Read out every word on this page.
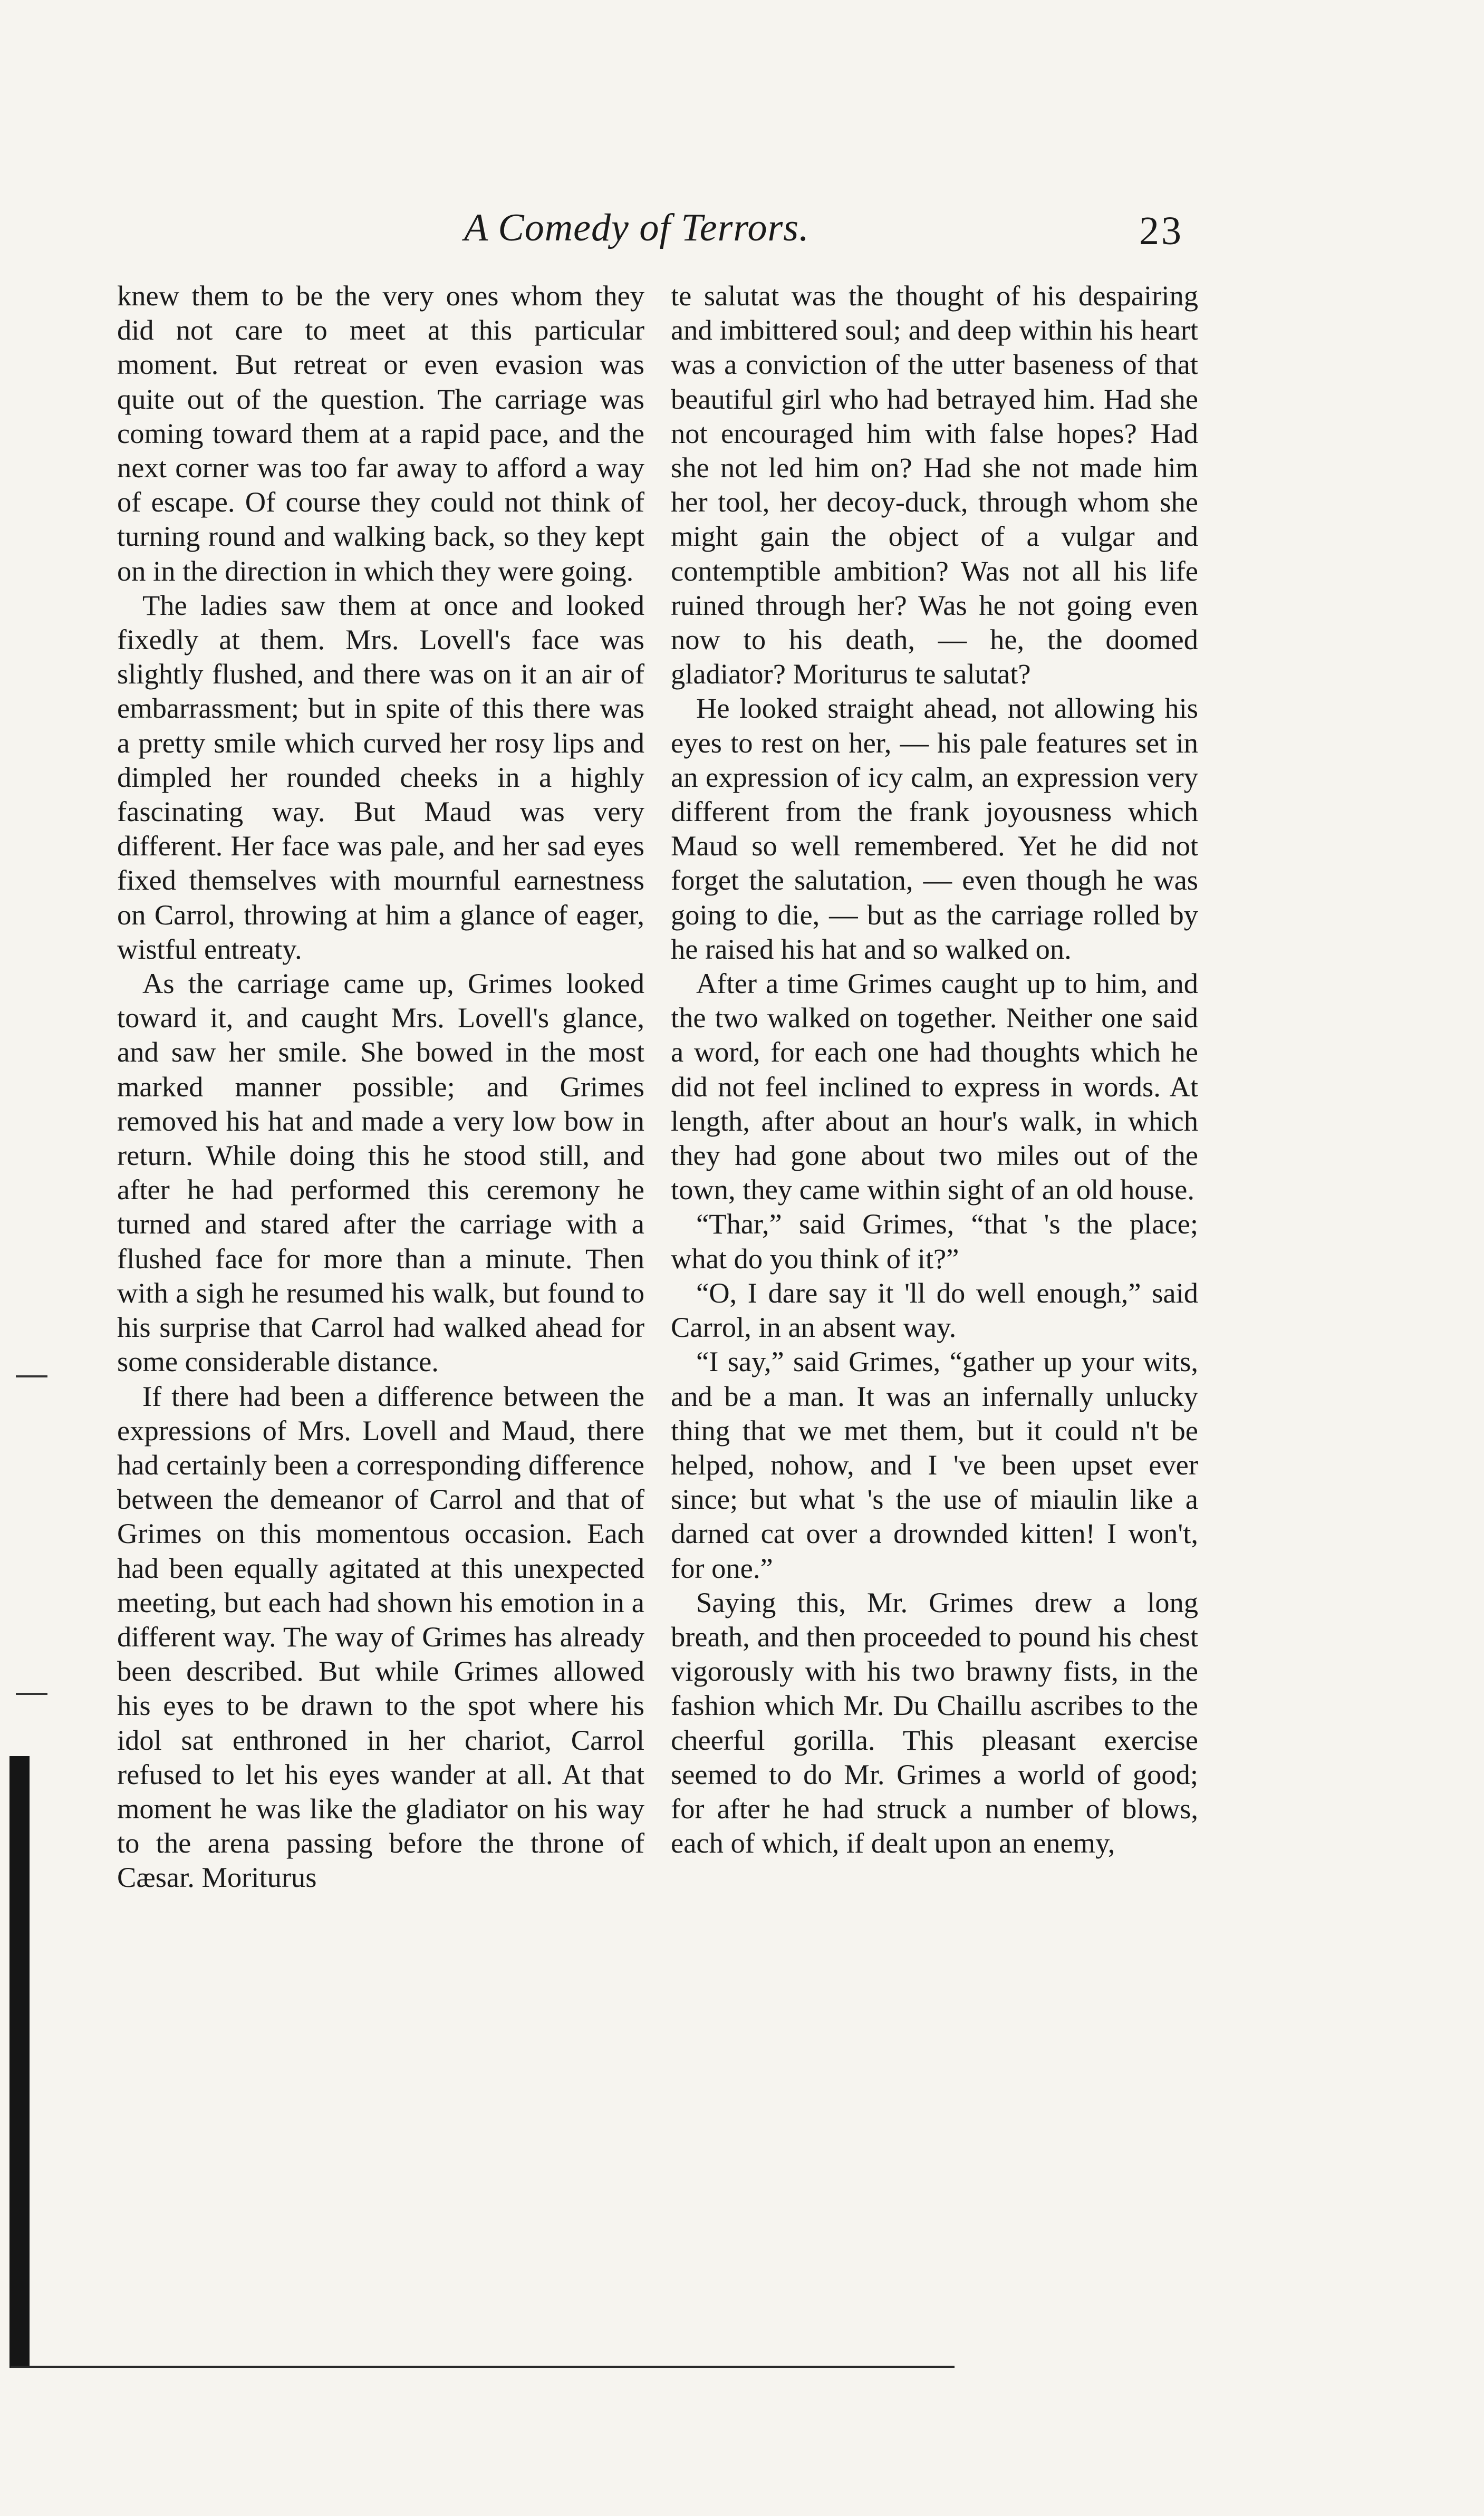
A Comedy of Terrors.	23

knew them to be the very ones whom they did not care to meet at this particular moment. But retreat or even evasion was quite out of the question. The carriage was coming toward them at a rapid pace, and the next corner was too far away to afford a way of escape. Of course they could not think of turning round and walking back, so they kept on in the direction in which they were going.

The ladies saw them at once and looked fixedly at them. Mrs. Lovell's face was slightly flushed, and there was on it an air of embarrassment; but in spite of this there was a pretty smile which curved her rosy lips and dimpled her rounded cheeks in a highly fascinating way. But Maud was very different. Her face was pale, and her sad eyes fixed themselves with mournful earnestness on Carrol, throwing at him a glance of eager, wistful entreaty.

As the carriage came up, Grimes looked toward it, and caught Mrs. Lovell's glance, and saw her smile. She bowed in the most marked manner possible; and Grimes removed his hat and made a very low bow in return. While doing this he stood still, and after he had performed this ceremony he turned and stared after the carriage with a flushed face for more than a minute. Then with a sigh he resumed his walk, but found to his surprise that Carrol had walked ahead for some considerable distance.

If there had been a difference between the expressions of Mrs. Lovell and Maud, there had certainly been a corresponding difference between the demeanor of Carrol and that of Grimes on this momentous occasion. Each had been equally agitated at this unexpected meeting, but each had shown his emotion in a different way. The way of Grimes has already been described. But while Grimes allowed his eyes to be drawn to the spot where his idol sat enthroned in her chariot, Carrol refused to let his eyes wander at all. At that moment he was like the gladiator on his way to the arena passing before the throne of Cæsar. Moriturus

te salutat was the thought of his despairing and imbittered soul; and deep within his heart was a conviction of the utter baseness of that beautiful girl who had betrayed him. Had she not encouraged him with false hopes? Had she not led him on? Had she not made him her tool, her decoy-duck, through whom she might gain the object of a vulgar and contemptible ambition? Was not all his life ruined through her? Was he not going even now to his death, — he, the doomed gladiator? Moriturus te salutat?

He looked straight ahead, not allowing his eyes to rest on her, — his pale features set in an expression of icy calm, an expression very different from the frank joyousness which Maud so well remembered. Yet he did not forget the salutation, — even though he was going to die, — but as the carriage rolled by he raised his hat and so walked on.

After a time Grimes caught up to him, and the two walked on together. Neither one said a word, for each one had thoughts which he did not feel inclined to express in words. At length, after about an hour's walk, in which they had gone about two miles out of the town, they came within sight of an old house.

“Thar,” said Grimes, “that 's the place; what do you think of it?”

“O, I dare say it 'll do well enough,” said Carrol, in an absent way.

“I say,” said Grimes, “gather up your wits, and be a man. It was an infernally unlucky thing that we met them, but it could n't be helped, nohow, and I 've been upset ever since; but what 's the use of miaulin like a darned cat over a drownded kitten! I won't, for one.”

Saying this, Mr. Grimes drew a long breath, and then proceeded to pound his chest vigorously with his two brawny fists, in the fashion which Mr. Du Chaillu ascribes to the cheerful gorilla. This pleasant exercise seemed to do Mr. Grimes a world of good; for after he had struck a number of blows, each of which, if dealt upon an enemy,
